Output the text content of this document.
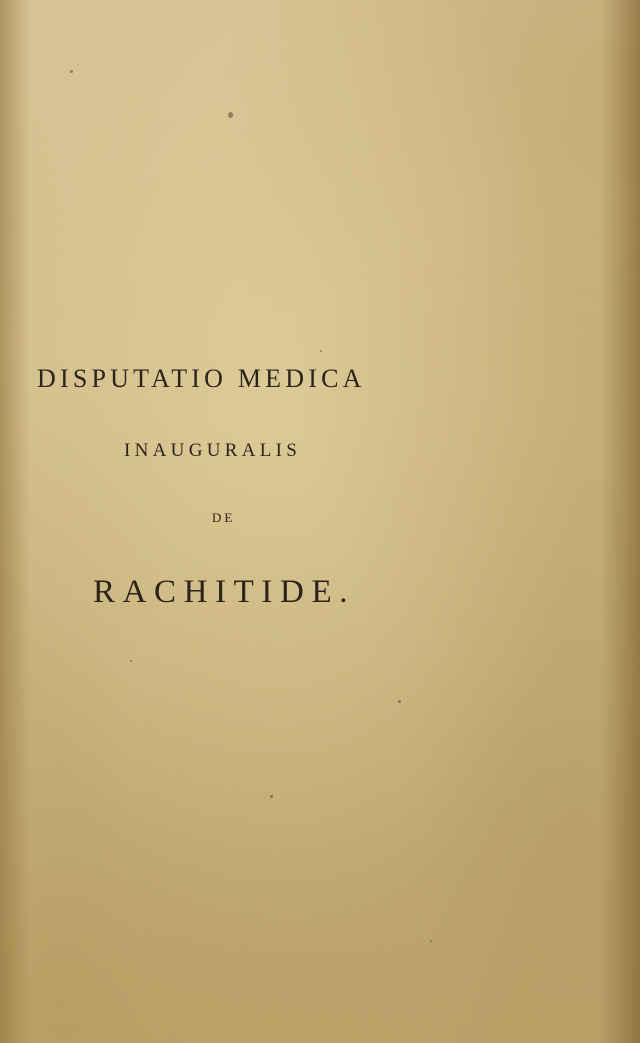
DISPUTATIO MEDICA
INAUGURALIS
DE
RACHITIDE.
